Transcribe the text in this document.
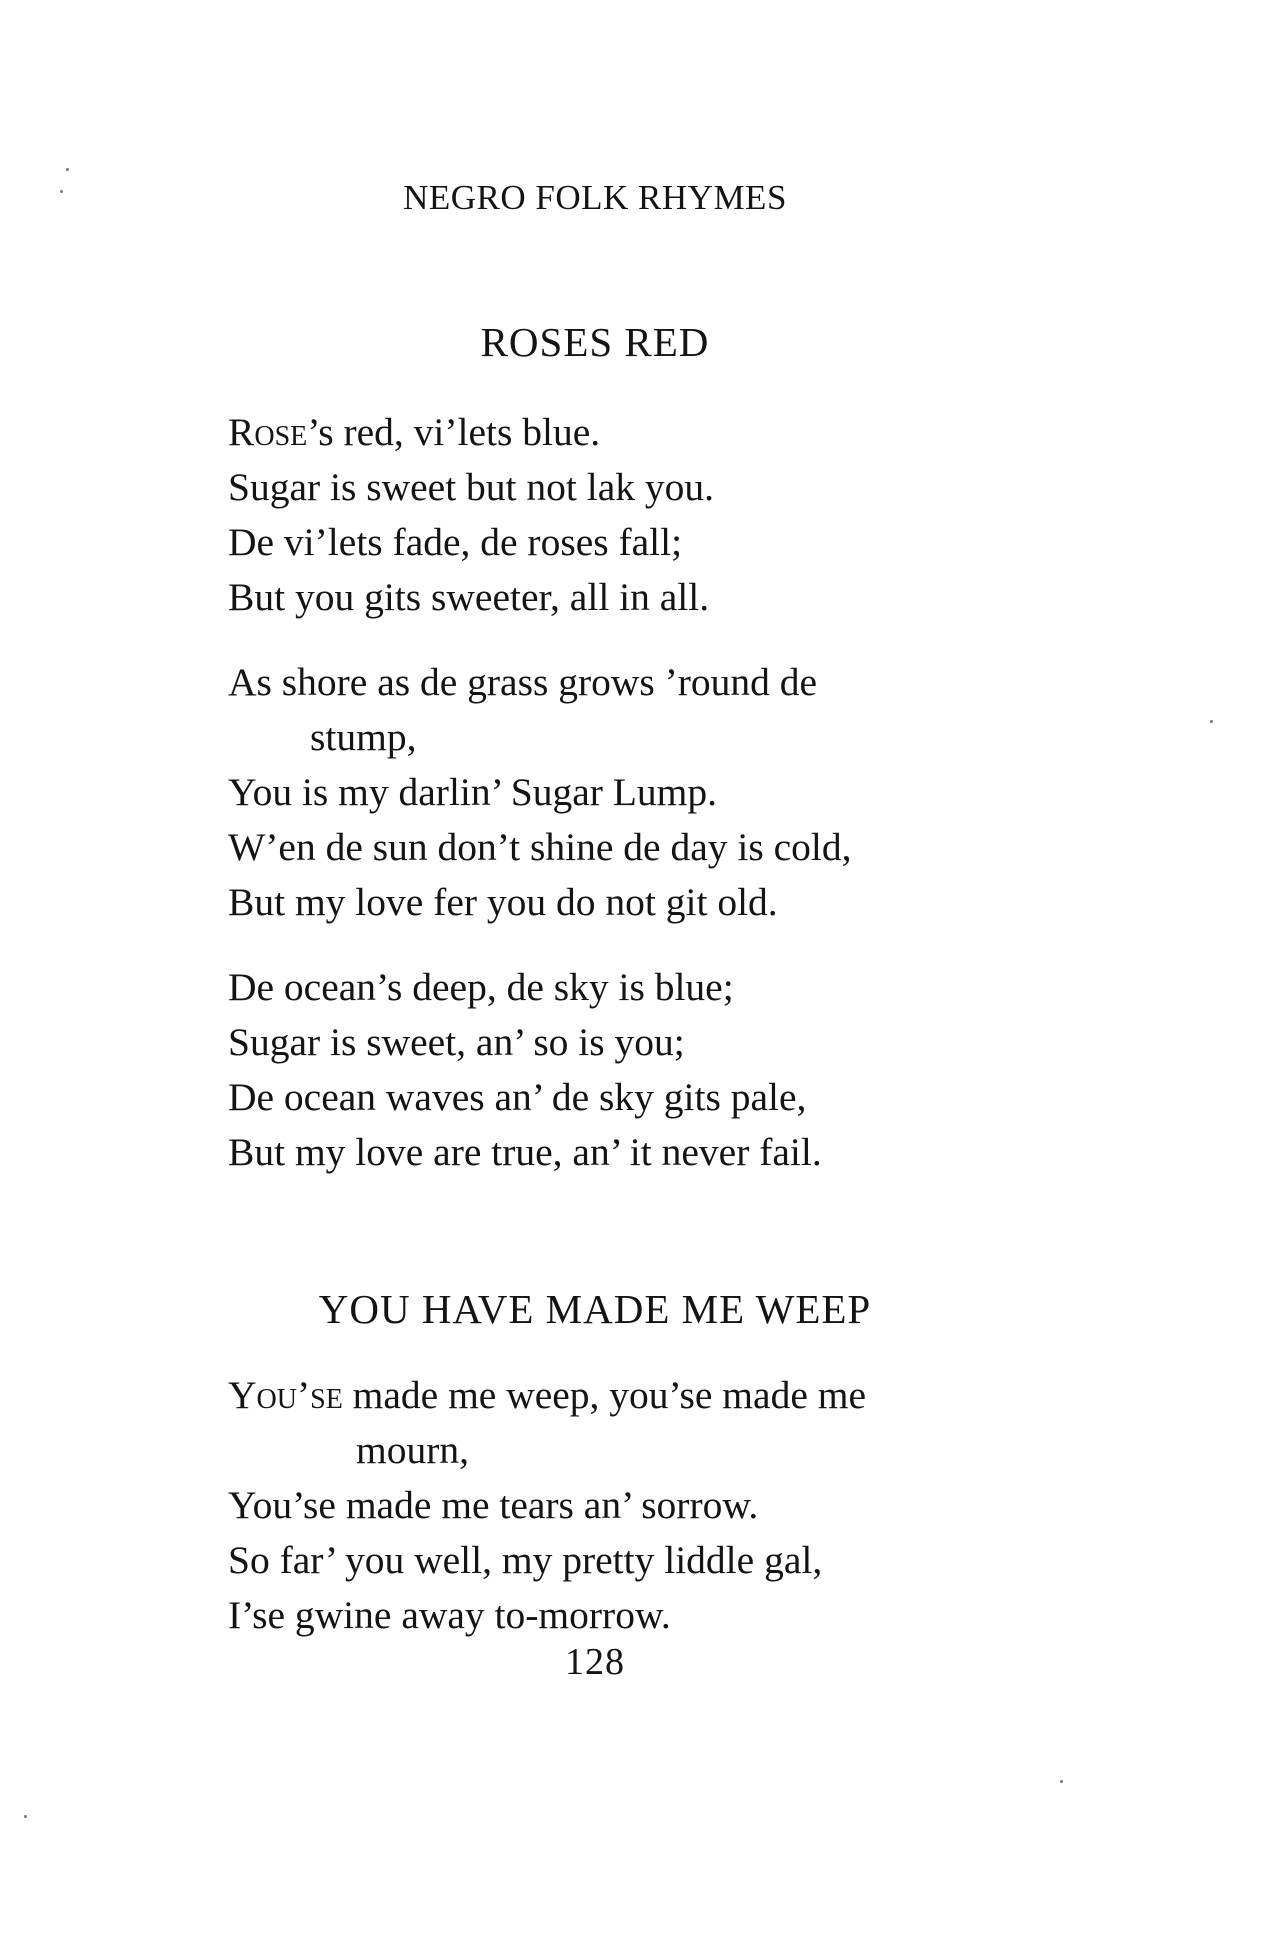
NEGRO FOLK RHYMES
ROSES RED
Rose’s red, vi’lets blue.
Sugar is sweet but not lak you.
De vi’lets fade, de roses fall;
But you gits sweeter, all in all.
As shore as de grass grows ’round de
stump,
You is my darlin’ Sugar Lump.
W’en de sun don’t shine de day is cold,
But my love fer you do not git old.
De ocean’s deep, de sky is blue;
Sugar is sweet, an’ so is you;
De ocean waves an’ de sky gits pale,
But my love are true, an’ it never fail.
YOU HAVE MADE ME WEEP
You’se made me weep, you’se made me
mourn,
You’se made me tears an’ sorrow.
So far’ you well, my pretty liddle gal,
I’se gwine away to-morrow.
128
